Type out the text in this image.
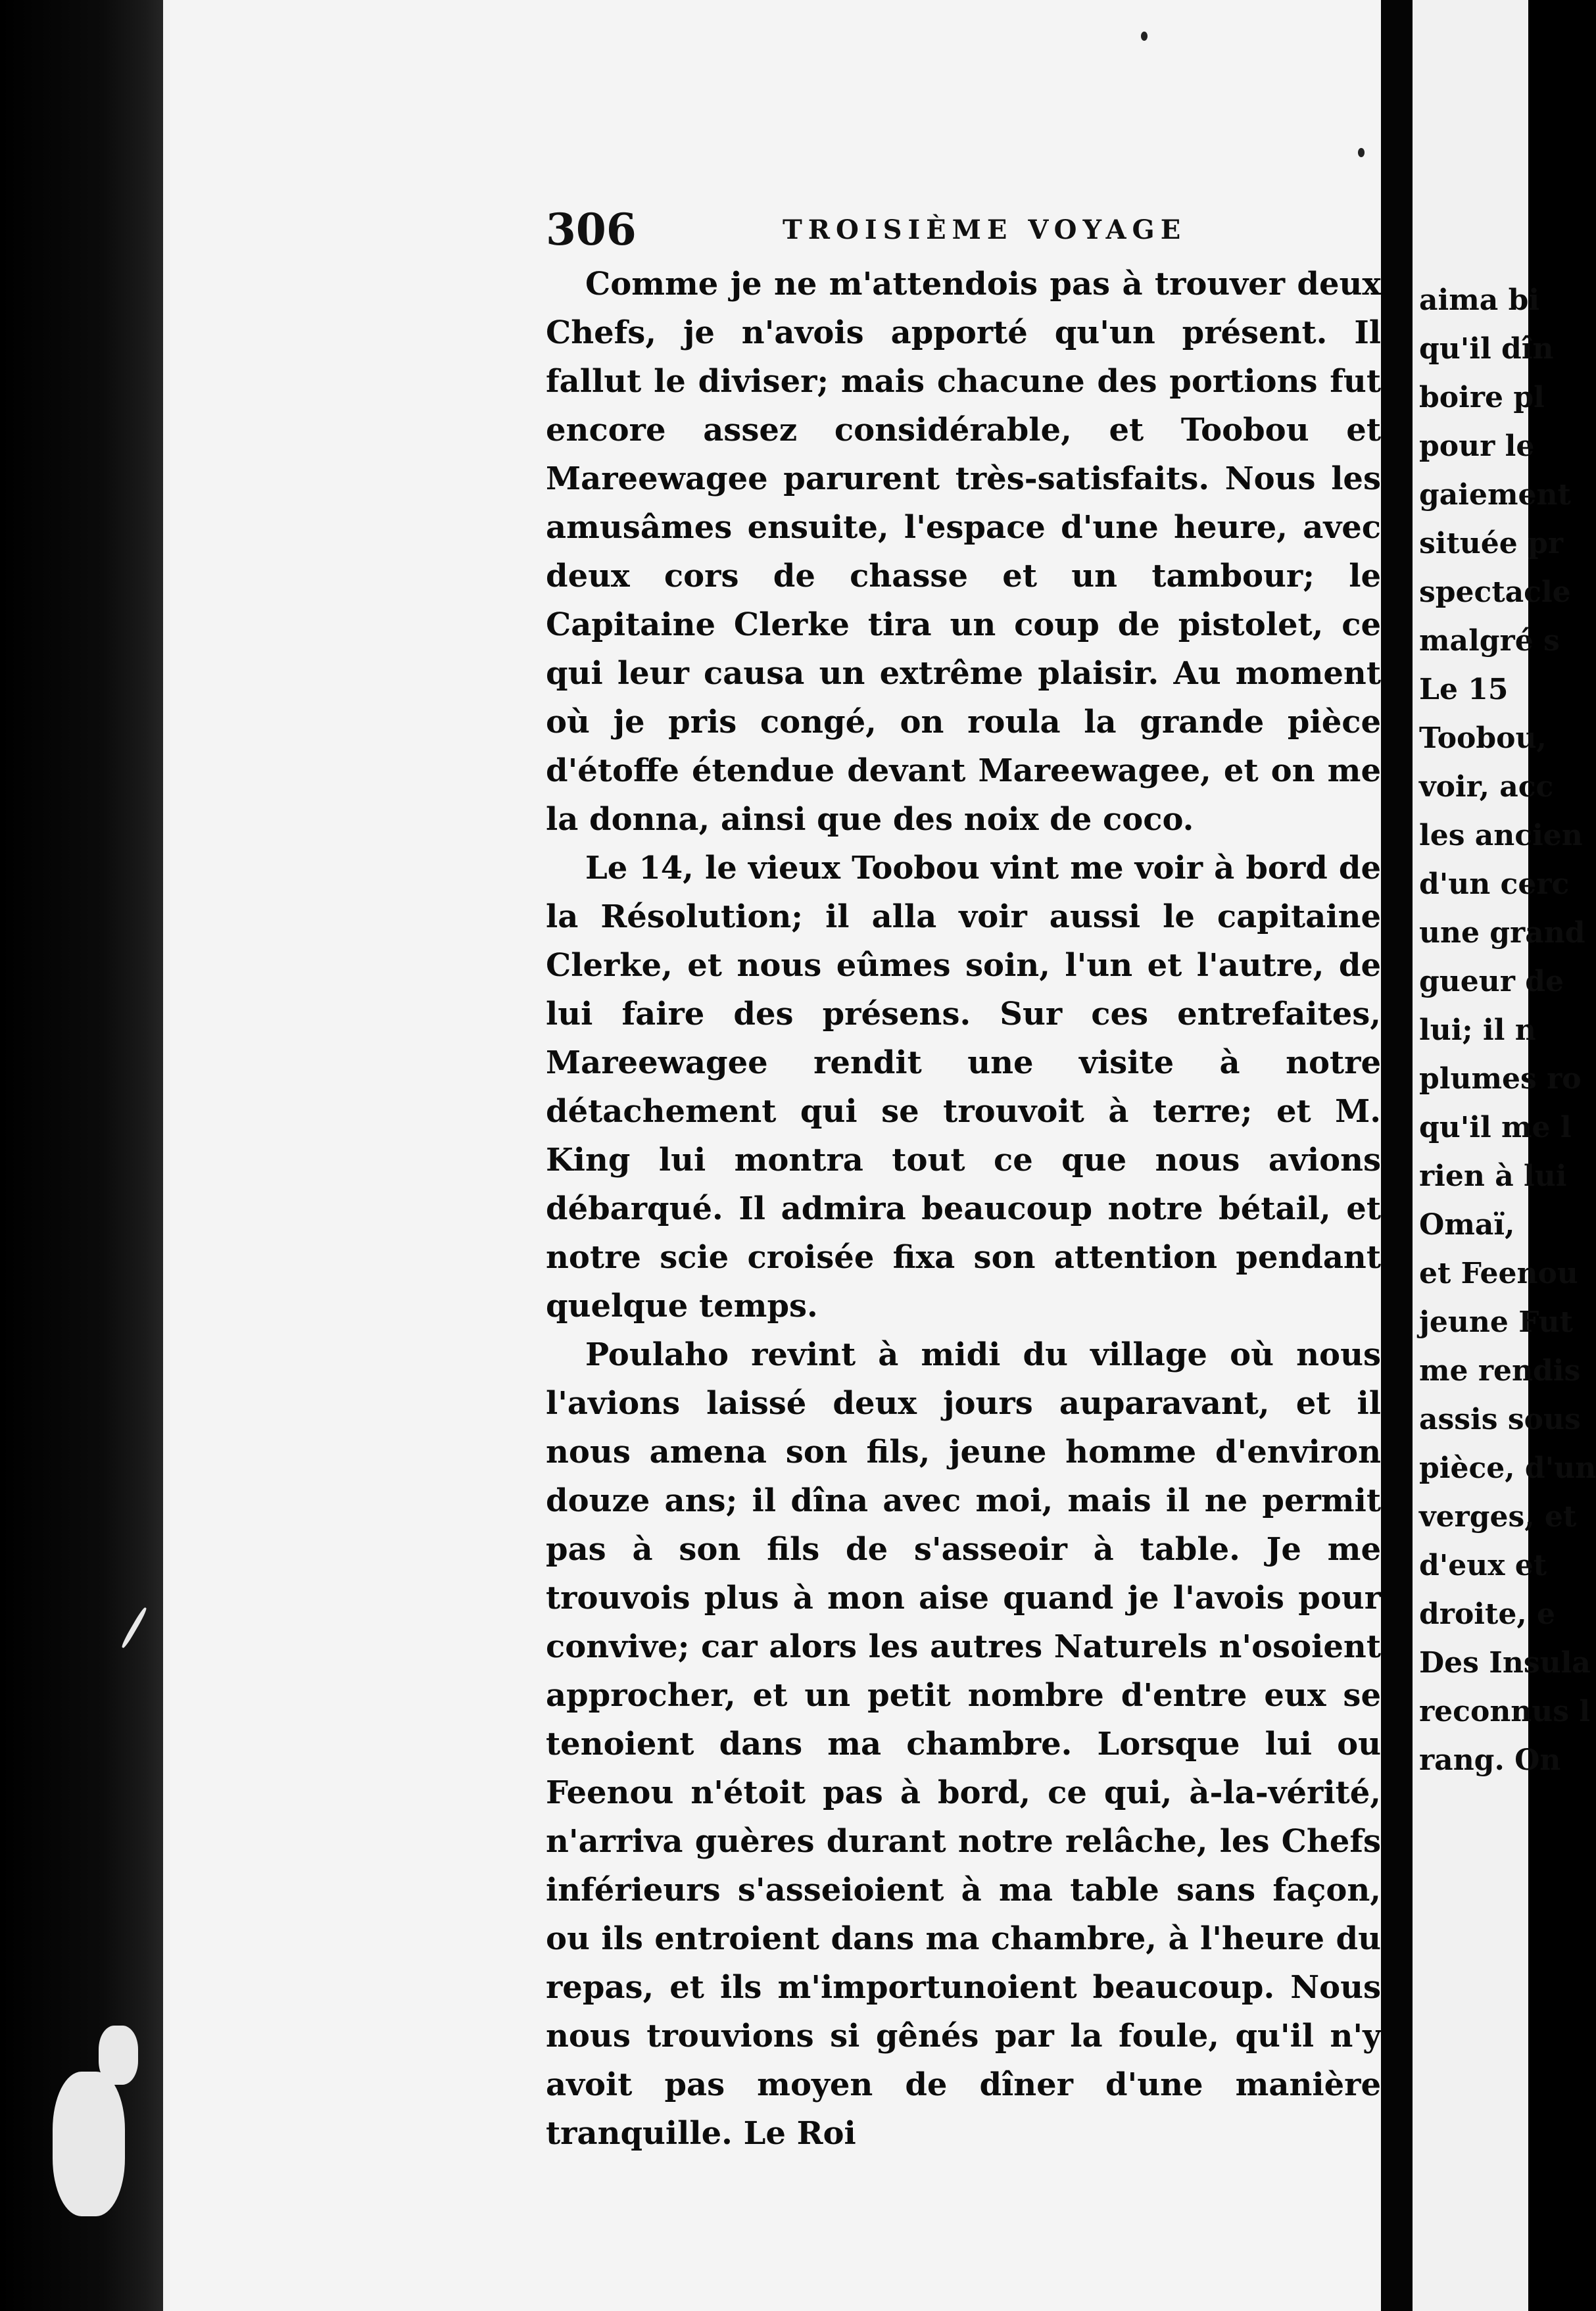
306	TROISIÈME VOYAGE

Comme je ne m'attendois pas à trouver deux Chefs, je n'avois apporté qu'un présent. Il fallut le diviser; mais chacune des portions fut encore assez considérable, et Toobou et Mareewagee parurent très-satisfaits. Nous les amusâmes ensuite, l'espace d'une heure, avec deux cors de chasse et un tambour; le Capitaine Clerke tira un coup de pistolet, ce qui leur causa un extrême plaisir. Au moment où je pris congé, on roula la grande pièce d'étoffe étendue devant Mareewagee, et on me la donna, ainsi que des noix de coco.

Le 14, le vieux Toobou vint me voir à bord de la Résolution; il alla voir aussi le capitaine Clerke, et nous eûmes soin, l'un et l'autre, de lui faire des présens. Sur ces entrefaites, Mareewagee rendit une visite à notre détachement qui se trouvoit à terre; et M. King lui montra tout ce que nous avions débarqué. Il admira beaucoup notre bétail, et notre scie croisée fixa son attention pendant quelque temps.

Poulaho revint à midi du village où nous l'avions laissé deux jours auparavant, et il nous amena son fils, jeune homme d'environ douze ans; il dîna avec moi, mais il ne permit pas à son fils de s'asseoir à table. Je me trouvois plus à mon aise quand je l'avois pour convive; car alors les autres Naturels n'osoient approcher, et un petit nombre d'entre eux se tenoient dans ma chambre. Lorsque lui ou Feenou n'étoit pas à bord, ce qui, à-la-vérité, n'arriva guères durant notre relâche, les Chefs inférieurs s'asseioient à ma table sans façon, ou ils entroient dans ma chambre, à l'heure du repas, et ils m'importunoient beaucoup. Nous nous trouvions si gênés par la foule, qu'il n'y avoit pas moyen de dîner d'une manière tranquille. Le Roi

aima bi
qu'il dîn
boire pl
pour le
gaiement
située pr
spectacle
malgré s
Le 15
Toobou,
voir, acc
les ancien
d'un cerc
une grand
gueur de
lui; il n
plumes ro
qu'il me l
rien à lui
Omaï,
et Feenou
jeune Fut
me rendis
assis sous
pièce, d'un
verges, et
d'eux et
droite, e
Des Insula
reconnus l
rang. On
